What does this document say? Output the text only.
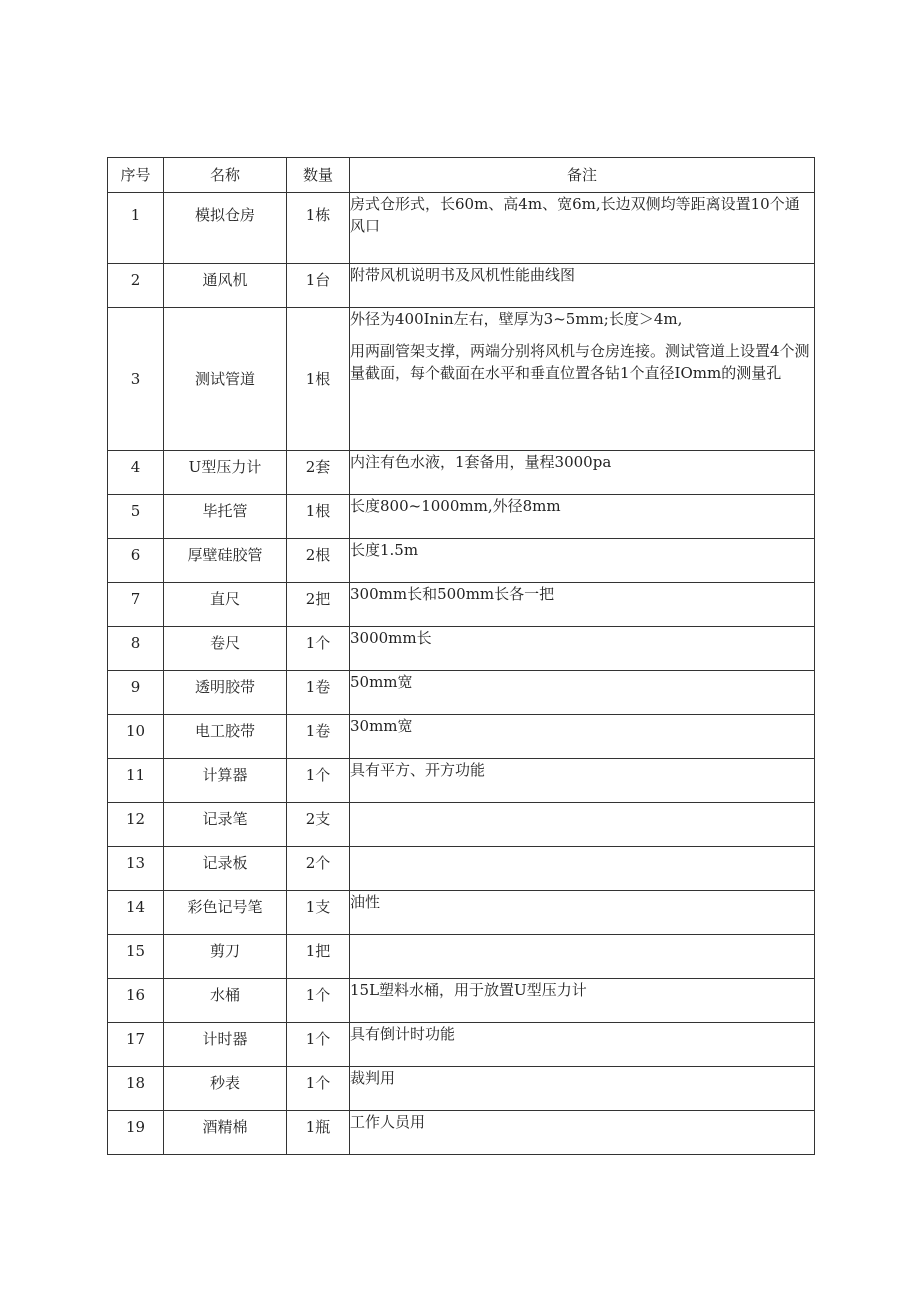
序号	名称	数量	备注

1	模拟仓房	1栋	房式仓形式，长60m、高4m、宽6m,长边双侧均等距离设置10个通风口

2	通风机	1台	附带风机说明书及风机性能曲线图

3	测试管道	1根	外径为400Inin左右，壁厚为3~5mm;长度＞4m,

用两副管架支撑，两端分别将风机与仓房连接。测试管道上设置4个测量截面，每个截面在水平和垂直位置各钻1个直径IOmm的测量孔

4	U型压力计	2套	内注有色水液，1套备用，量程3000pa

5	毕托管	1根	长度800~1000mm,外径8mm

6	厚壁硅胶管	2根	长度1.5m

7	直尺	2把	300mm长和500mm长各一把

8	卷尺	1个	3000mm长

9	透明胶带	1卷	50mm宽

10	电工胶带	1卷	30mm宽

11	计算器	1个	具有平方、开方功能

12	记录笔	2支	

13	记录板	2个	

14	彩色记号笔	1支	油性

15	剪刀	1把	

16	水桶	1个	15L塑料水桶，用于放置U型压力计

17	计时器	1个	具有倒计时功能

18	秒表	1个	裁判用

19	酒精棉	1瓶	工作人员用
